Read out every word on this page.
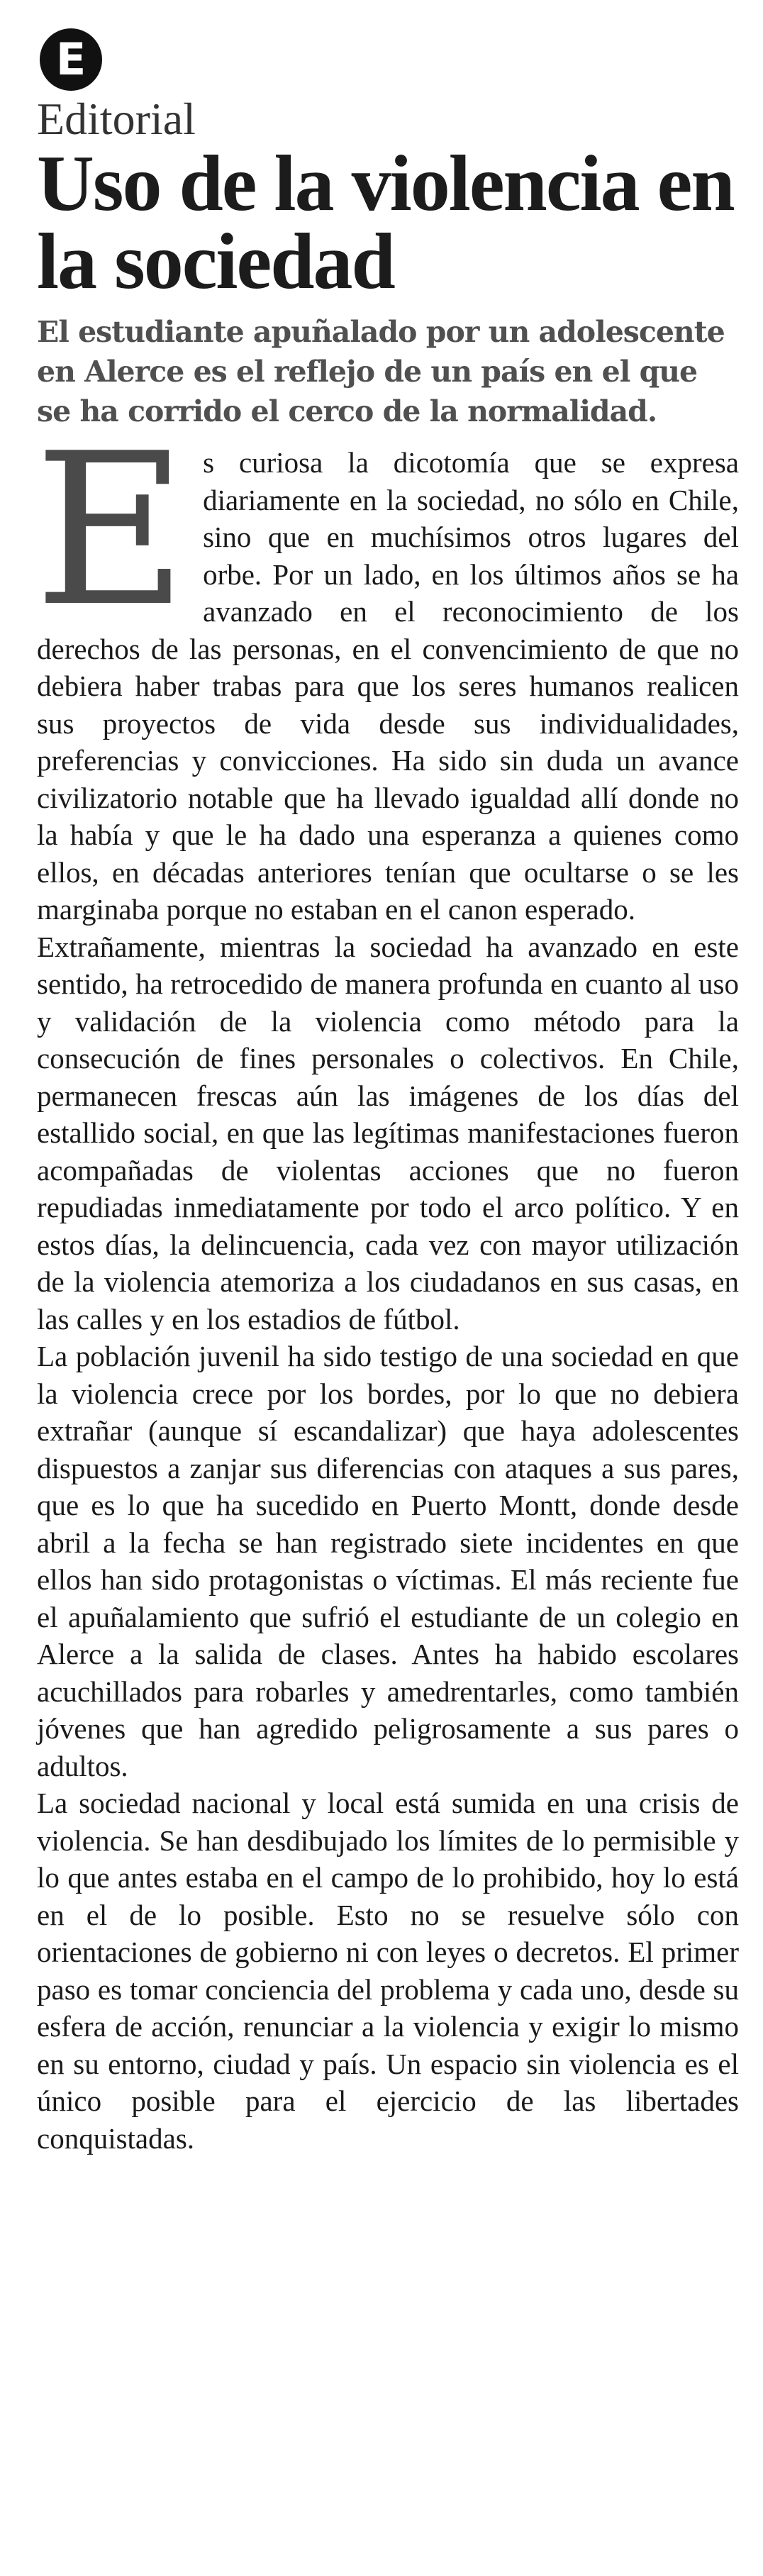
E
Editorial
Uso de la violencia en la sociedad

El estudiante apuñalado por un adolescente en Alerce es el reflejo de un país en el que se ha corrido el cerco de la normalidad.

E s curiosa la dicotomía que se expresa diariamente en la sociedad, no sólo en Chile, sino que en muchísimos otros lugares del orbe. Por un lado, en los últimos años se ha avanzado en el reconocimiento de los derechos de las personas, en el convencimiento de que no debiera haber trabas para que los seres humanos realicen sus proyectos de vida desde sus individualidades, preferencias y convicciones. Ha sido sin duda un avance civilizatorio notable que ha llevado igualdad allí donde no la había y que le ha dado una esperanza a quienes como ellos, en décadas anteriores tenían que ocultarse o se les marginaba porque no estaban en el canon esperado.

Extrañamente, mientras la sociedad ha avanzado en este sentido, ha retrocedido de manera profunda en cuanto al uso y validación de la violencia como método para la consecución de fines personales o colectivos. En Chile, permanecen frescas aún las imágenes de los días del estallido social, en que las legítimas manifestaciones fueron acompañadas de violentas acciones que no fueron repudiadas inmediatamente por todo el arco político. Y en estos días, la delincuencia, cada vez con mayor utilización de la violencia atemoriza a los ciudadanos en sus casas, en las calles y en los estadios de fútbol.

La población juvenil ha sido testigo de una sociedad en que la violencia crece por los bordes, por lo que no debiera extrañar (aunque sí escandalizar) que haya adolescentes dispuestos a zanjar sus diferencias con ataques a sus pares, que es lo que ha sucedido en Puerto Montt, donde desde abril a la fecha se han registrado siete incidentes en que ellos han sido protagonistas o víctimas. El más reciente fue el apuñalamiento que sufrió el estudiante de un colegio en Alerce a la salida de clases. Antes ha habido escolares acuchillados para robarles y amedrentarles, como también jóvenes que han agredido peligrosamente a sus pares o adultos.

La sociedad nacional y local está sumida en una crisis de violencia. Se han desdibujado los límites de lo permisible y lo que antes estaba en el campo de lo prohibido, hoy lo está en el de lo posible. Esto no se resuelve sólo con orientaciones de gobierno ni con leyes o decretos. El primer paso es tomar conciencia del problema y cada uno, desde su esfera de acción, renunciar a la violencia y exigir lo mismo en su entorno, ciudad y país. Un espacio sin violencia es el único posible para el ejercicio de las libertades conquistadas.
